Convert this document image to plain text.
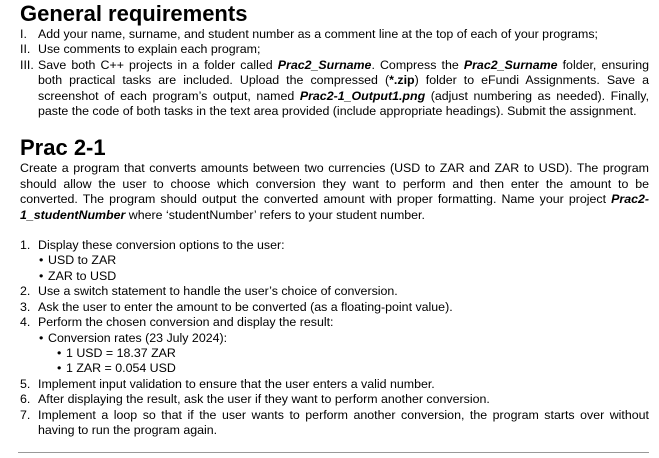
General requirements
I. Add your name, surname, and student number as a comment line at the top of each of your programs;
II. Use comments to explain each program;
III. Save both C++ projects in a folder called Prac2_Surname. Compress the Prac2_Surname folder, ensuring both practical tasks are included. Upload the compressed (*.zip) folder to eFundi Assignments. Save a screenshot of each program’s output, named Prac2-1_Output1.png (adjust numbering as needed). Finally, paste the code of both tasks in the text area provided (include appropriate headings). Submit the assignment.
Prac 2-1

Create a program that converts amounts between two currencies (USD to ZAR and ZAR to USD). The program should allow the user to choose which conversion they want to perform and then enter the amount to be converted. The program should output the converted amount with proper formatting. Name your project Prac2-1_studentNumber where ‘studentNumber’ refers to your student number.

1. Display these conversion options to the user:
• USD to ZAR
• ZAR to USD
2. Use a switch statement to handle the user’s choice of conversion.
3. Ask the user to enter the amount to be converted (as a floating-point value).
4. Perform the chosen conversion and display the result:
• Conversion rates (23 July 2024):
• 1 USD = 18.37 ZAR
• 1 ZAR = 0.054 USD
5. Implement input validation to ensure that the user enters a valid number.
6. After displaying the result, ask the user if they want to perform another conversion.
7. Implement a loop so that if the user wants to perform another conversion, the program starts over without having to run the program again.
